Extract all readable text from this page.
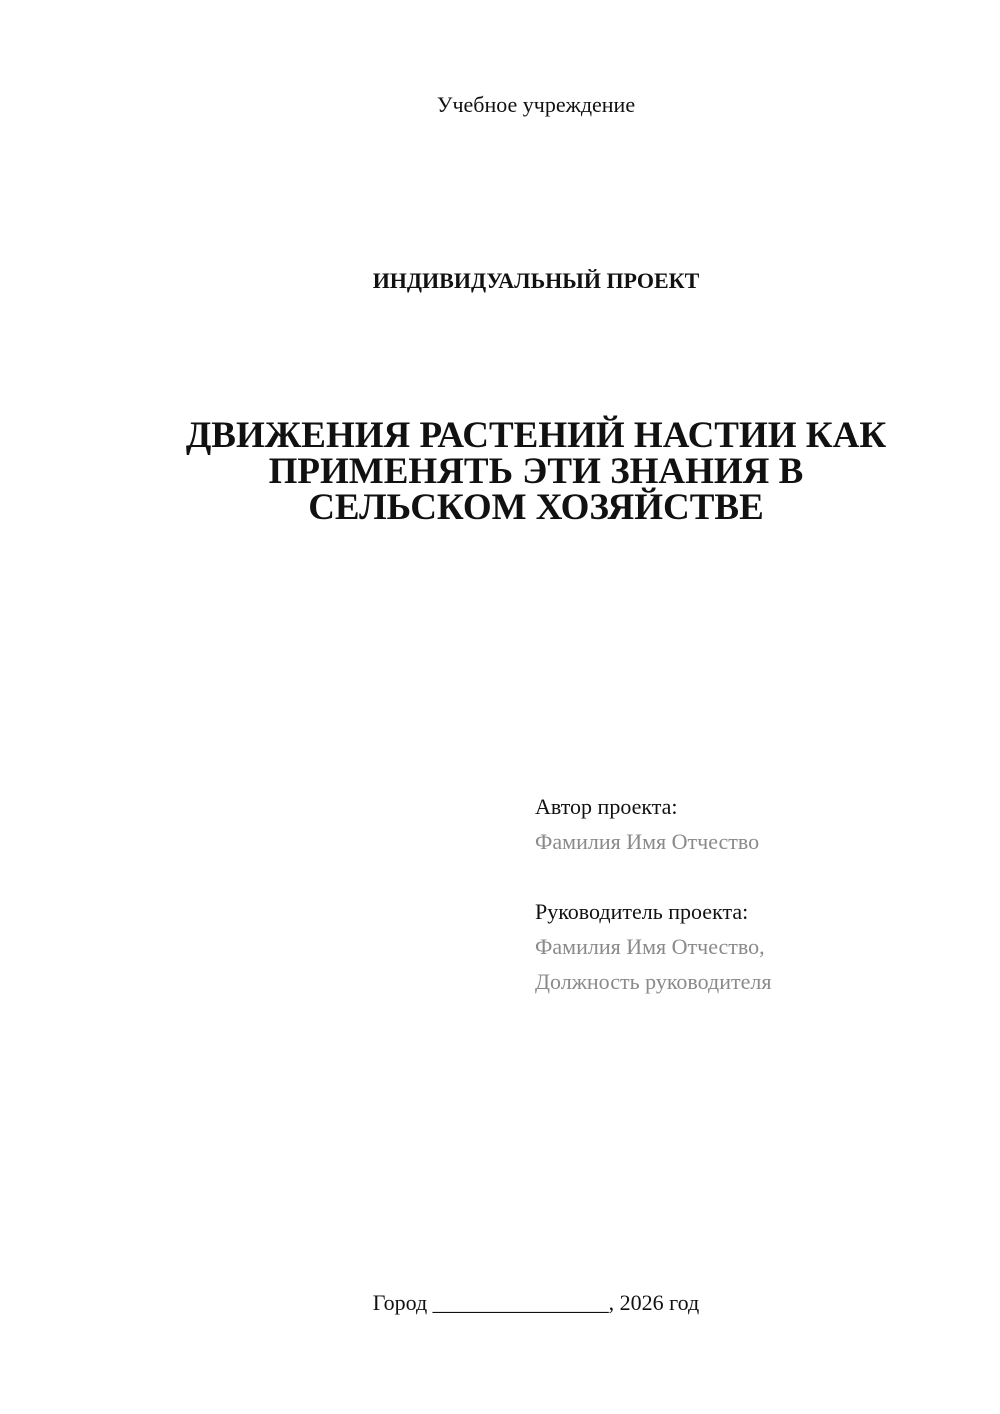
Учебное учреждение
ИНДИВИДУАЛЬНЫЙ ПРОЕКТ
ДВИЖЕНИЯ РАСТЕНИЙ НАСТИИ КАК
ПРИМЕНЯТЬ ЭТИ ЗНАНИЯ В
СЕЛЬСКОМ ХОЗЯЙСТВЕ
Автор проекта:
Фамилия Имя Отчество
Руководитель проекта:
Фамилия Имя Отчество,
Должность руководителя
Город ________________, 2026 год
